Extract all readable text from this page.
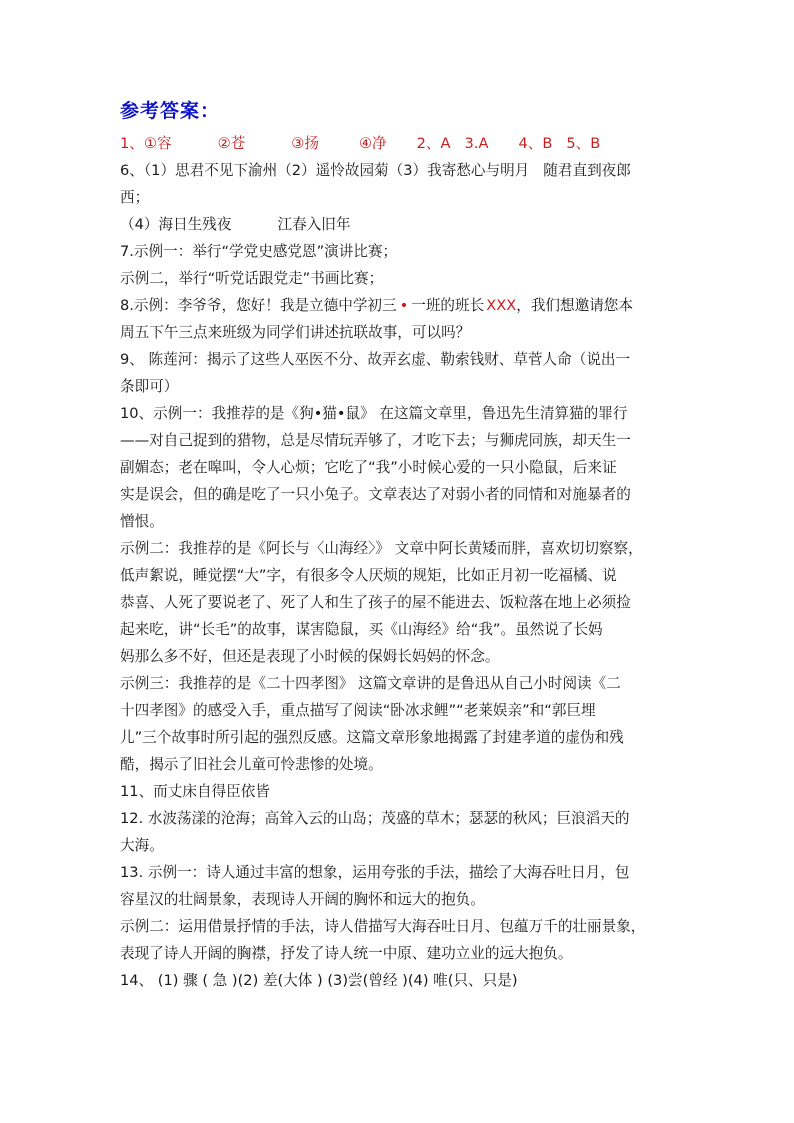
参考答案：

1、①容	②苍	③扬	④净 2、A 3.A 4、B 5、B

6、（1）思君不见下渝州（2）遥怜故园菊（3）我寄愁心与明月 随君直到夜郎

西；

（4）海日生残夜	江春入旧年

7.示例一：举行“学党史感党恩”演讲比赛；

示例二，举行“听党话跟党走”书画比赛；

8.示例：李爷爷，您好！我是立德中学初三 • 一班的班长 XXX，我们想邀请您本

周五下午三点来班级为同学们讲述抗联故事，可以吗？

9、 陈莲河：揭示了这些人巫医不分、故弄玄虚、勒索钱财、草菅人命（说出一

条即可）

10、示例一：我推荐的是《狗•猫•鼠》 在这篇文章里，鲁迅先生清算猫的罪行

——对自己捉到的猎物，总是尽情玩弄够了，才吃下去；与狮虎同族，却天生一

副媚态；老在嗥叫，令人心烦；它吃了“我”小时候心爱的一只小隐鼠，后来证

实是误会，但的确是吃了一只小兔子。文章表达了对弱小者的同情和对施暴者的

憎恨。

示例二：我推荐的是《阿长与〈山海经〉》 文章中阿长黄矮而胖，喜欢切切察察，

低声絮说，睡觉摆“大”字，有很多令人厌烦的规矩，比如正月初一吃福橘、说

恭喜、人死了要说老了、死了人和生了孩子的屋不能进去、饭粒落在地上必须捡

起来吃，讲“长毛”的故事，谋害隐鼠，买《山海经》给“我”。虽然说了长妈

妈那么多不好，但还是表现了小时候的保姆长妈妈的怀念。

示例三：我推荐的是《二十四孝图》 这篇文章讲的是鲁迅从自己小时阅读《二

十四孝图》的感受入手，重点描写了阅读“卧冰求鲤”“老莱娱亲”和“郭巨埋

儿”三个故事时所引起的强烈反感。这篇文章形象地揭露了封建孝道的虚伪和残

酷，揭示了旧社会儿童可怜悲惨的处境。

11、而丈床自得臣依皆

12. 水波荡漾的沧海；高耸入云的山岛；茂盛的草木；瑟瑟的秋风；巨浪滔天的

大海。

13. 示例一：诗人通过丰富的想象，运用夸张的手法，描绘了大海吞吐日月，包

容星汉的壮阔景象，表现诗人开阔的胸怀和远大的抱负。

示例二：运用借景抒情的手法，诗人借描写大海吞吐日月、包蕴万千的壮丽景象，

表现了诗人开阔的胸襟，抒发了诗人统一中原、建功立业的远大抱负。

14、 (1) 骤 ( 急 )(2) 差(大体 ) (3)尝(曾经 )(4) 唯(只、只是)
